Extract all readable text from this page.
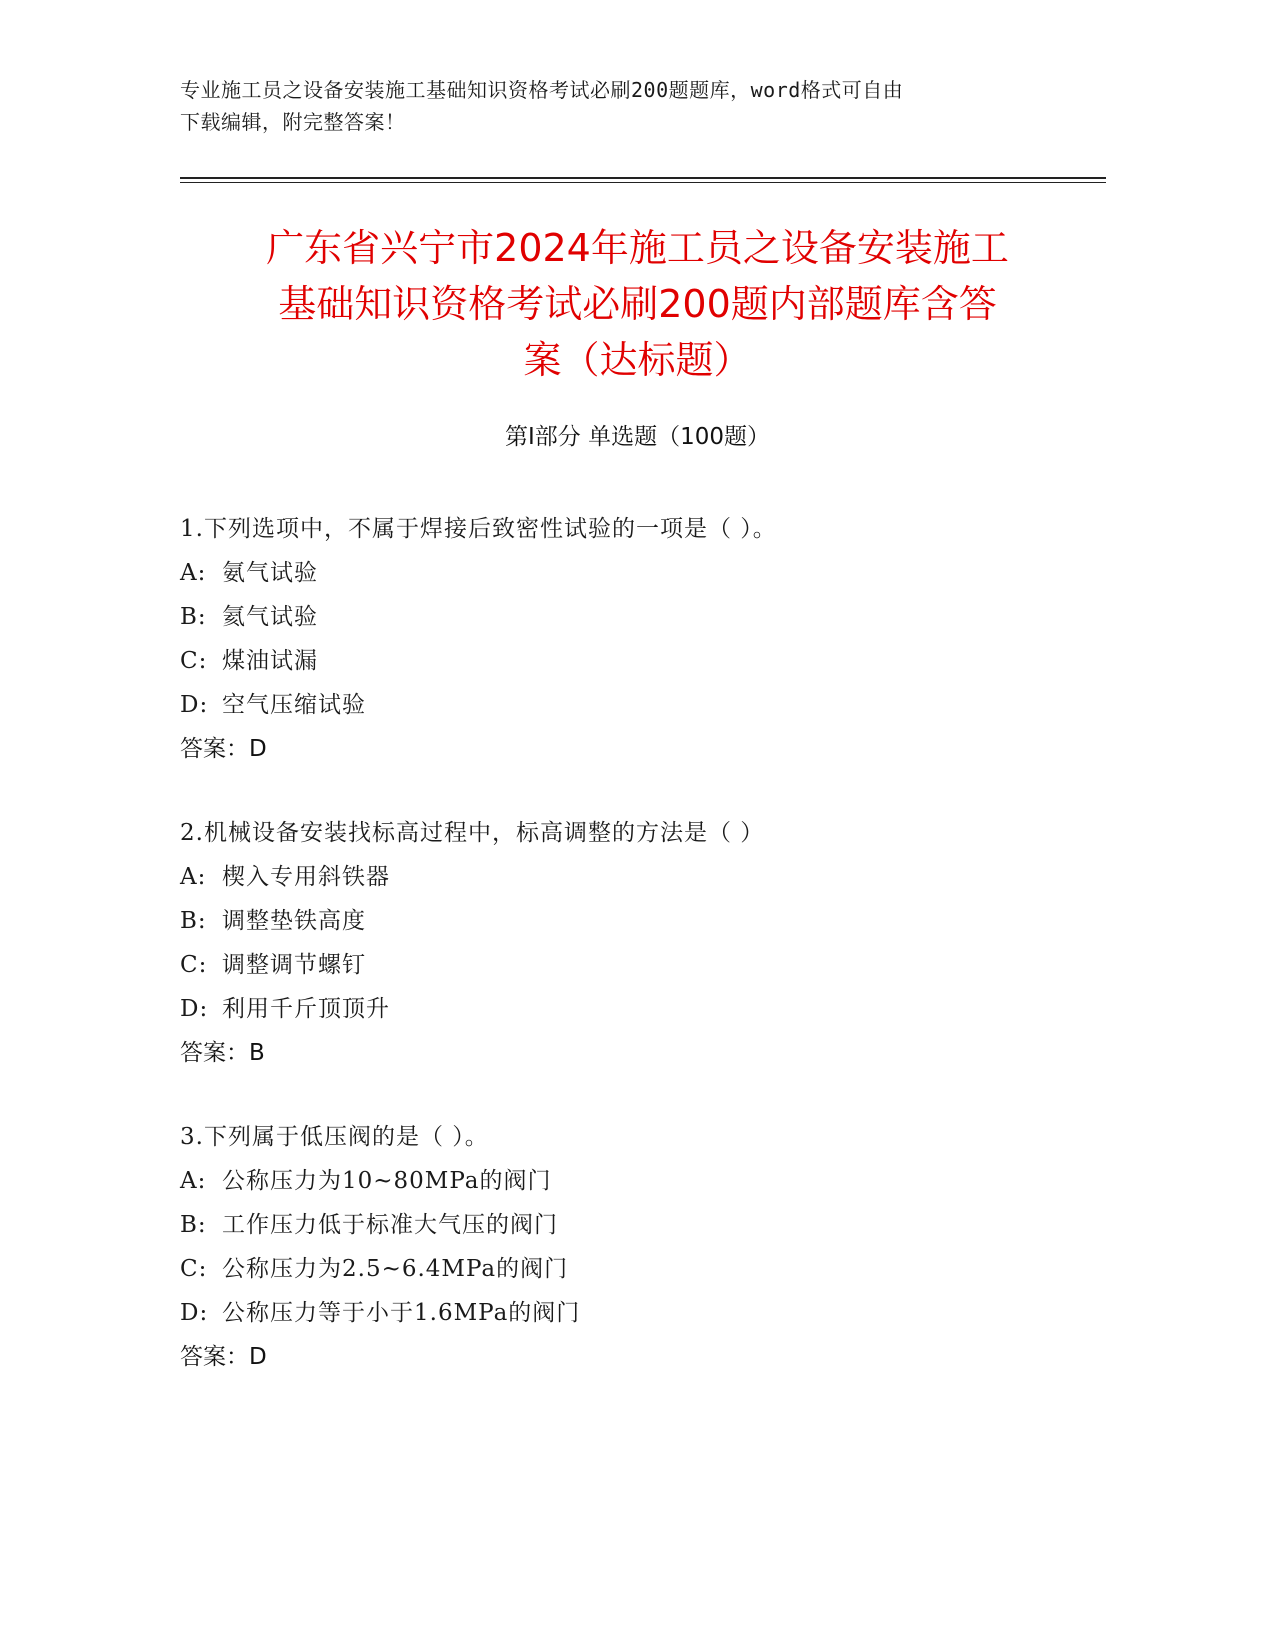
专业施工员之设备安装施工基础知识资格考试必刷200题题库，word格式可自由
下载编辑，附完整答案！
广东省兴宁市2024年施工员之设备安装施工
基础知识资格考试必刷200题内部题库含答
案（达标题）
第Ⅰ部分 单选题（100题）
1.下列选项中，不属于焊接后致密性试验的一项是（ ）。
A: 氨气试验
B: 氦气试验
C: 煤油试漏
D: 空气压缩试验
答案：D
2.机械设备安装找标高过程中，标高调整的方法是（ ）
A: 楔入专用斜铁器
B: 调整垫铁高度
C: 调整调节螺钉
D: 利用千斤顶顶升
答案：B
3.下列属于低压阀的是（ ）。
A: 公称压力为10~80MPa的阀门
B: 工作压力低于标准大气压的阀门
C: 公称压力为2.5~6.4MPa的阀门
D: 公称压力等于小于1.6MPa的阀门
答案：D
